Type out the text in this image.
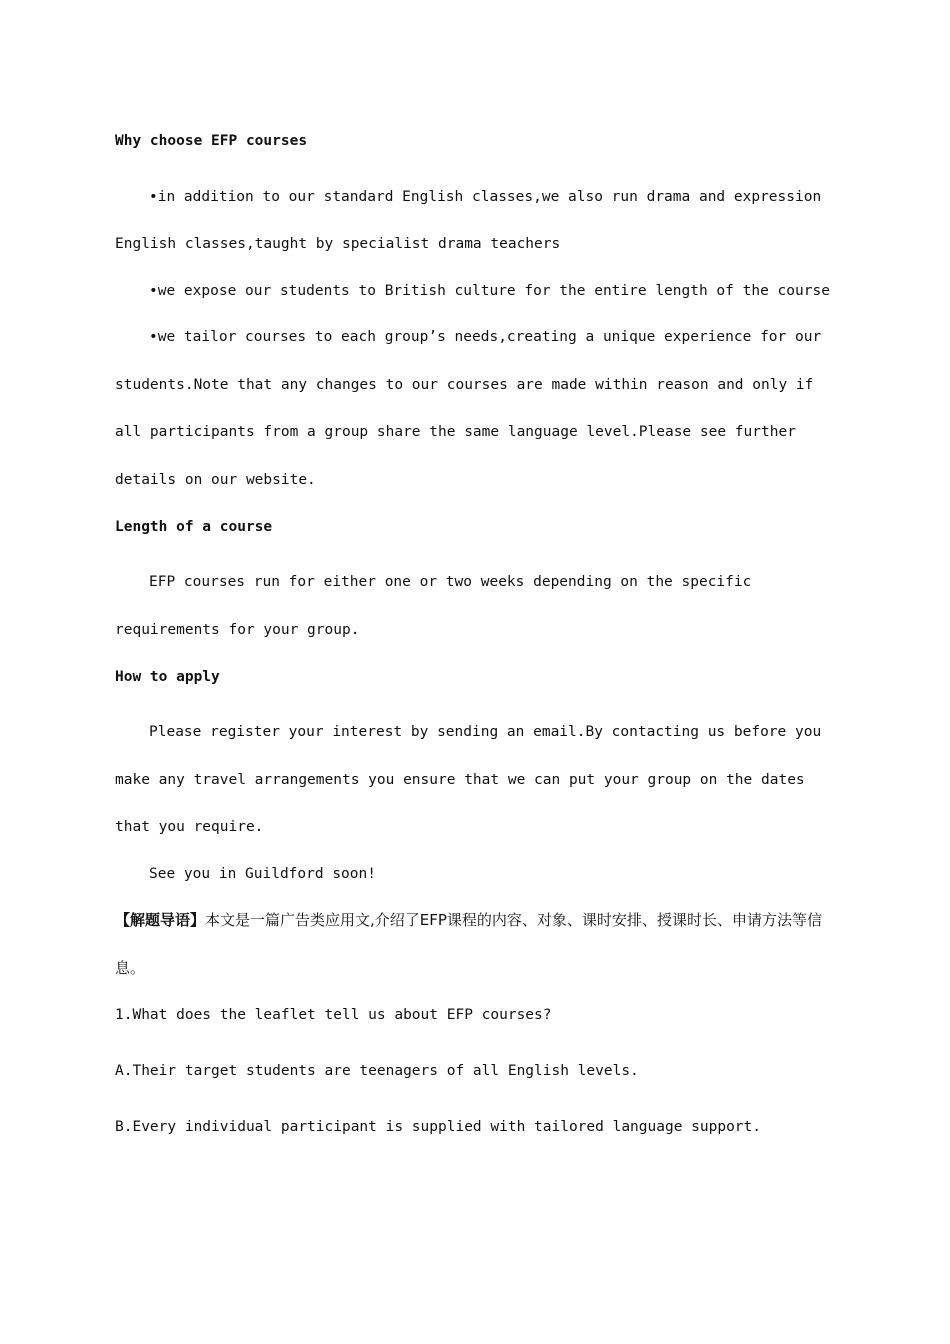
Why choose EFP courses
•in addition to our standard English classes,we also run drama and expression English classes,taught by specialist drama teachers
•we expose our students to British culture for the entire length of the course
•we tailor courses to each group’s needs,creating a unique experience for our students.Note that any changes to our courses are made within reason and only if all participants from a group share the same language level.Please see further details on our website.
Length of a course
EFP courses run for either one or two weeks depending on the specific requirements for your group.
How to apply
Please register your interest by sending an email.By contacting us before you make any travel arrangements you ensure that we can put your group on the dates that you require.
See you in Guildford soon!
【解题导语】本文是一篇广告类应用文,介绍了EFP课程的内容、对象、课时安排、授课时长、申请方法等信息。
1.What does the leaflet tell us about EFP courses?
A.Their target students are teenagers of all English levels.
B.Every individual participant is supplied with tailored language support.
